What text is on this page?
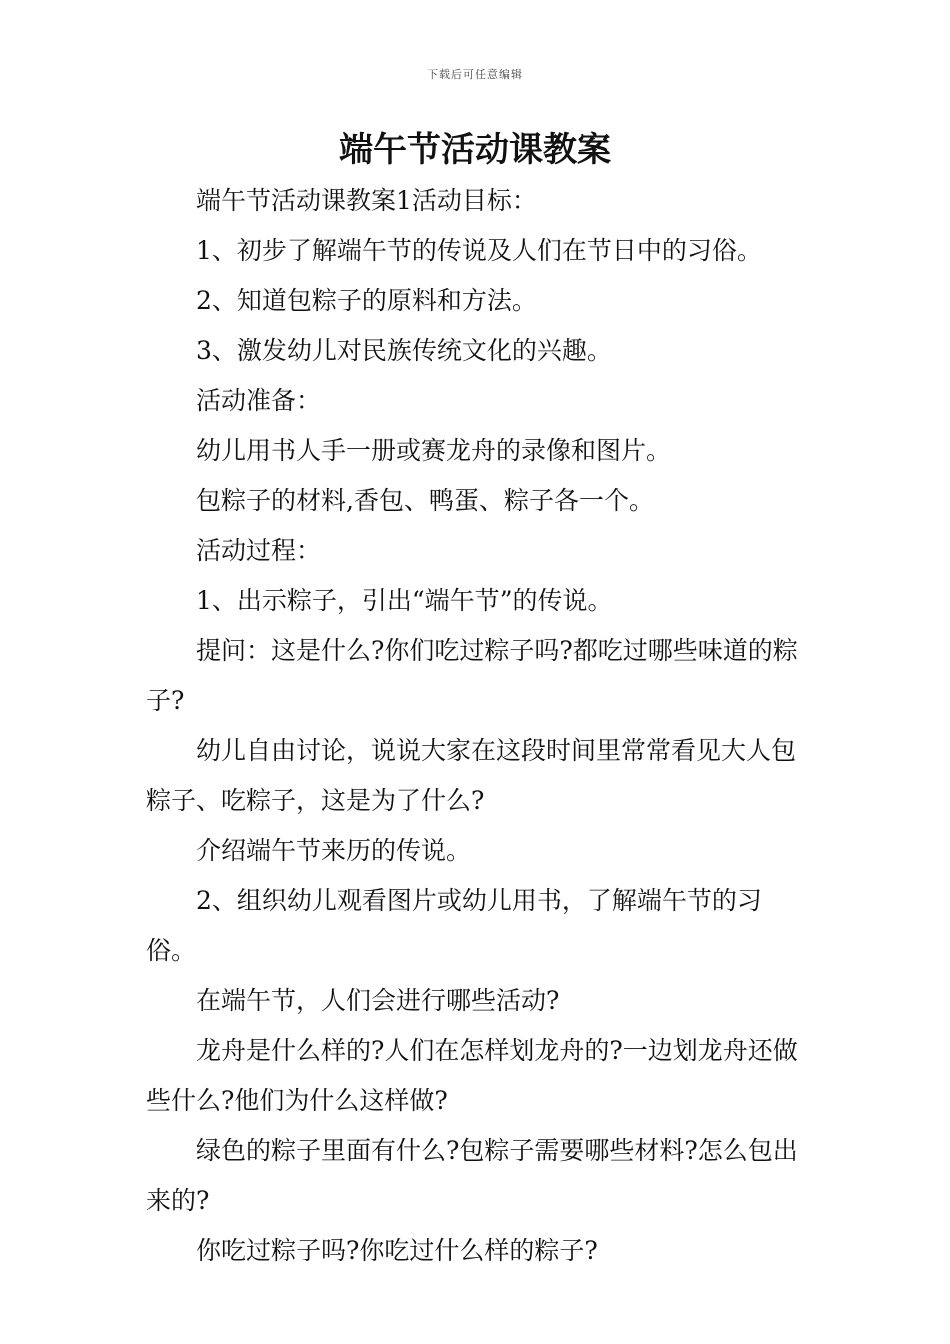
下载后可任意编辑
端午节活动课教案

端午节活动课教案1活动目标：

1、初步了解端午节的传说及人们在节日中的习俗。

2、知道包粽子的原料和方法。

3、激发幼儿对民族传统文化的兴趣。

活动准备：

幼儿用书人手一册或赛龙舟的录像和图片。

包粽子的材料,香包、鸭蛋、粽子各一个。

活动过程：

1、出示粽子，引出“端午节”的传说。

提问：这是什么?你们吃过粽子吗?都吃过哪些味道的粽子?

幼儿自由讨论，说说大家在这段时间里常常看见大人包粽子、吃粽子，这是为了什么?

介绍端午节来历的传说。

2、组织幼儿观看图片或幼儿用书，了解端午节的习俗。

在端午节，人们会进行哪些活动?

龙舟是什么样的?人们在怎样划龙舟的?一边划龙舟还做些什么?他们为什么这样做?

绿色的粽子里面有什么?包粽子需要哪些材料?怎么包出来的?

你吃过粽子吗?你吃过什么样的粽子?
